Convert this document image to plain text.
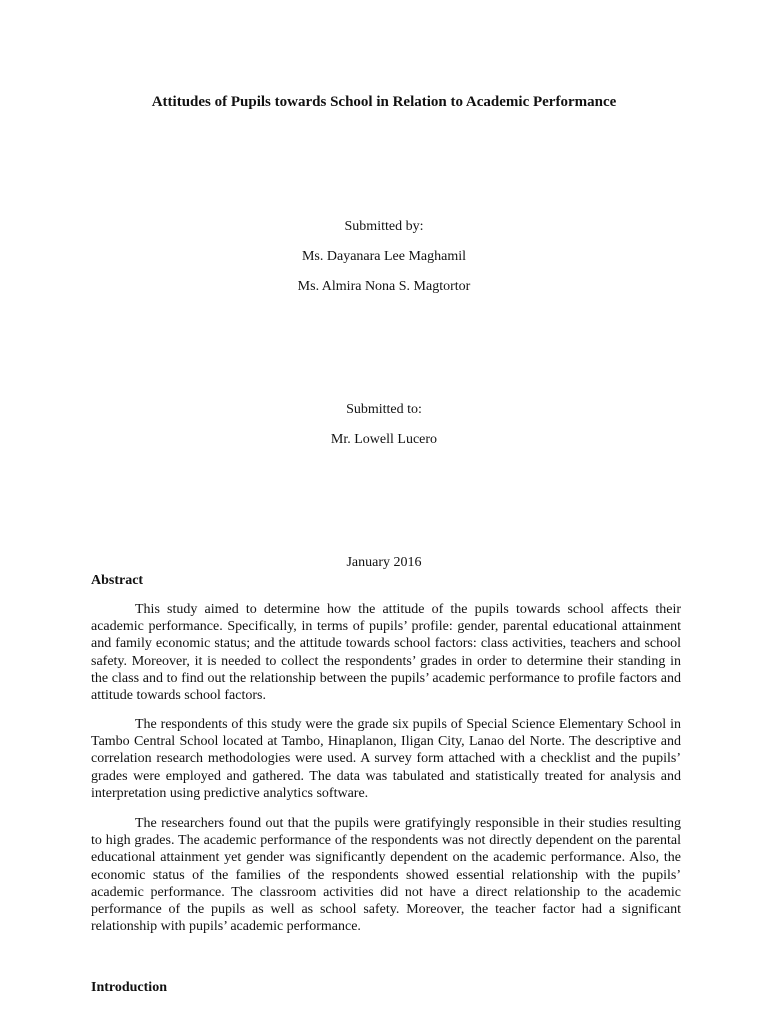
Attitudes of Pupils towards School in Relation to Academic Performance
Submitted by:
Ms. Dayanara Lee Maghamil
Ms. Almira Nona S. Magtortor
Submitted to:
Mr. Lowell Lucero
January 2016
Abstract

This study aimed to determine how the attitude of the pupils towards school affects their academic performance. Specifically, in terms of pupils’ profile: gender, parental educational attainment and family economic status; and the attitude towards school factors: class activities, teachers and school safety. Moreover, it is needed to collect the respondents’ grades in order to determine their standing in the class and to find out the relationship between the pupils’ academic performance to profile factors and attitude towards school factors.

The respondents of this study were the grade six pupils of Special Science Elementary School in Tambo Central School located at Tambo, Hinaplanon, Iligan City, Lanao del Norte. The descriptive and correlation research methodologies were used. A survey form attached with a checklist and the pupils’ grades were employed and gathered. The data was tabulated and statistically treated for analysis and interpretation using predictive analytics software.

The researchers found out that the pupils were gratifyingly responsible in their studies resulting to high grades. The academic performance of the respondents was not directly dependent on the parental educational attainment yet gender was significantly dependent on the academic performance. Also, the economic status of the families of the respondents showed essential relationship with the pupils’ academic performance. The classroom activities did not have a direct relationship to the academic performance of the pupils as well as school safety. Moreover, the teacher factor had a significant relationship with pupils’ academic performance.

Introduction
